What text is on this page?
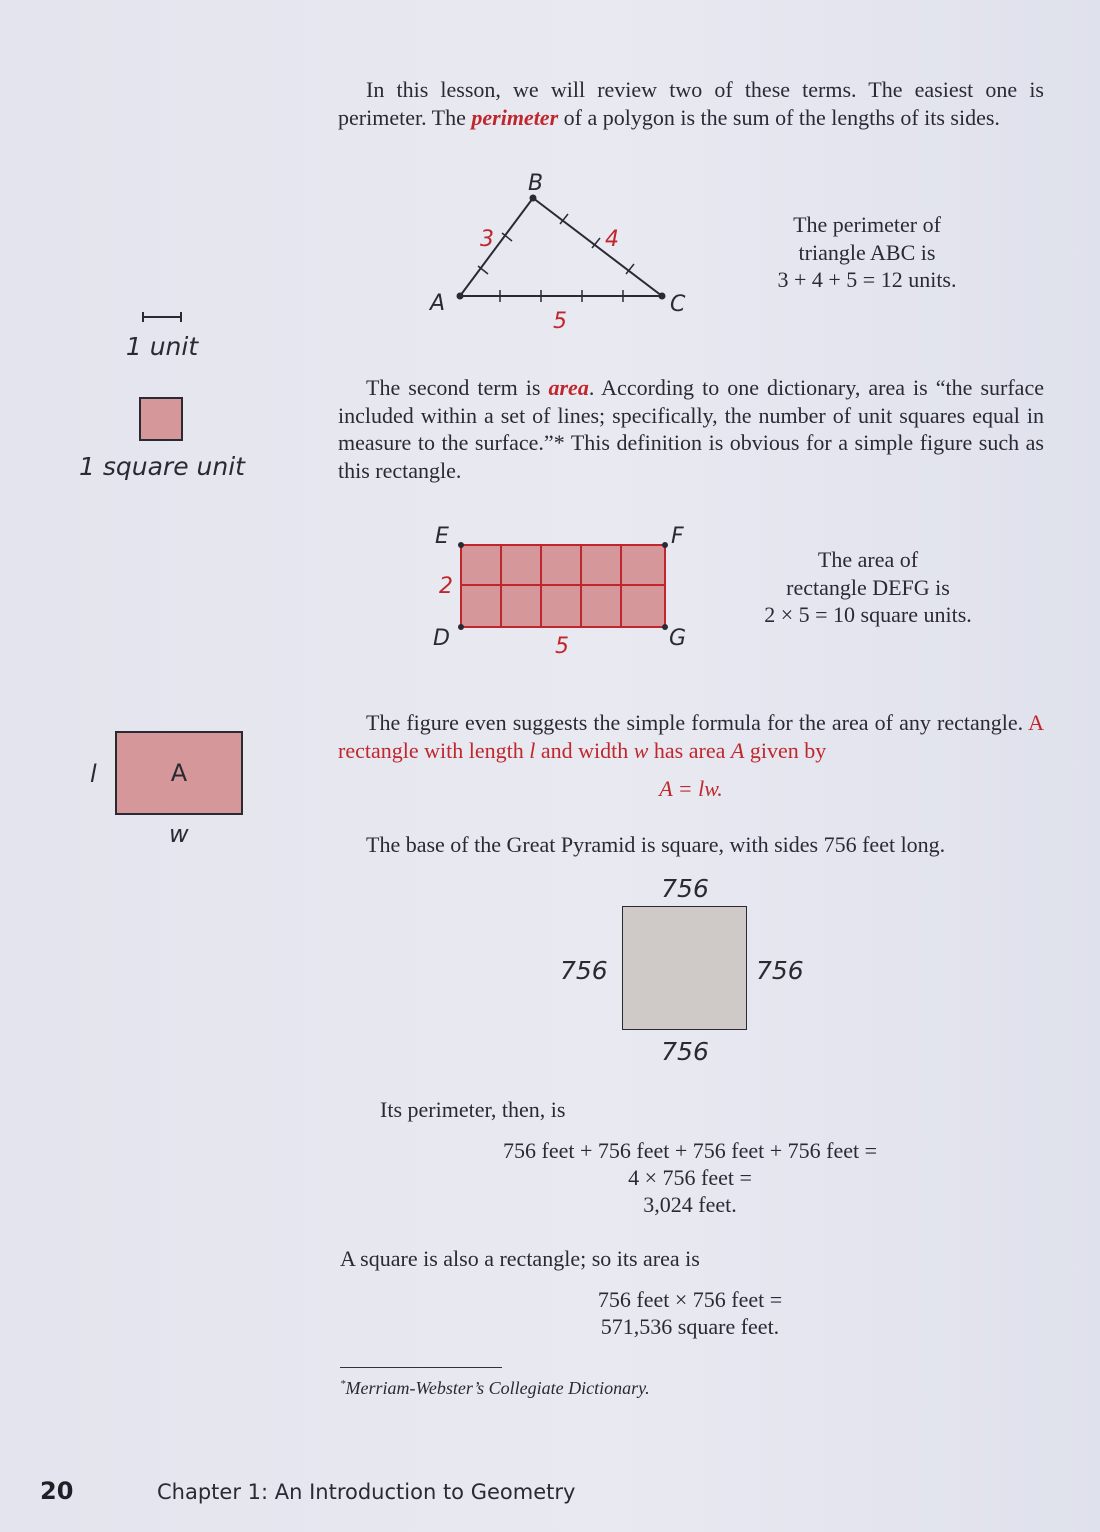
In this lesson, we will review two of these terms. The easiest one is perimeter. The perimeter of a polygon is the sum of the lengths of its sides.
B
A	C
3	4
5
The perimeter of
triangle ABC is
3 + 4 + 5 = 12 units.
1 unit
1 square unit
The second term is area. According to one dictionary, area is “the surface included within a set of lines; specifically, the number of unit squares equal in measure to the surface.”* This definition is obvious for a simple figure such as this rectangle.
E	F
D	G
2
5
The area of
rectangle DEFG is
2 × 5 = 10 square units.
l	A
w
The figure even suggests the simple formula for the area of any rectangle. A rectangle with length l and width w has area A given by
A = lw.
The base of the Great Pyramid is square, with sides 756 feet long.
756
756	756
756
Its perimeter, then, is
756 feet + 756 feet + 756 feet + 756 feet =
4 × 756 feet =
3,024 feet.
A square is also a rectangle; so its area is
756 feet × 756 feet =
571,536 square feet.
*Merriam-Webster’s Collegiate Dictionary.
20	Chapter 1: An Introduction to Geometry
